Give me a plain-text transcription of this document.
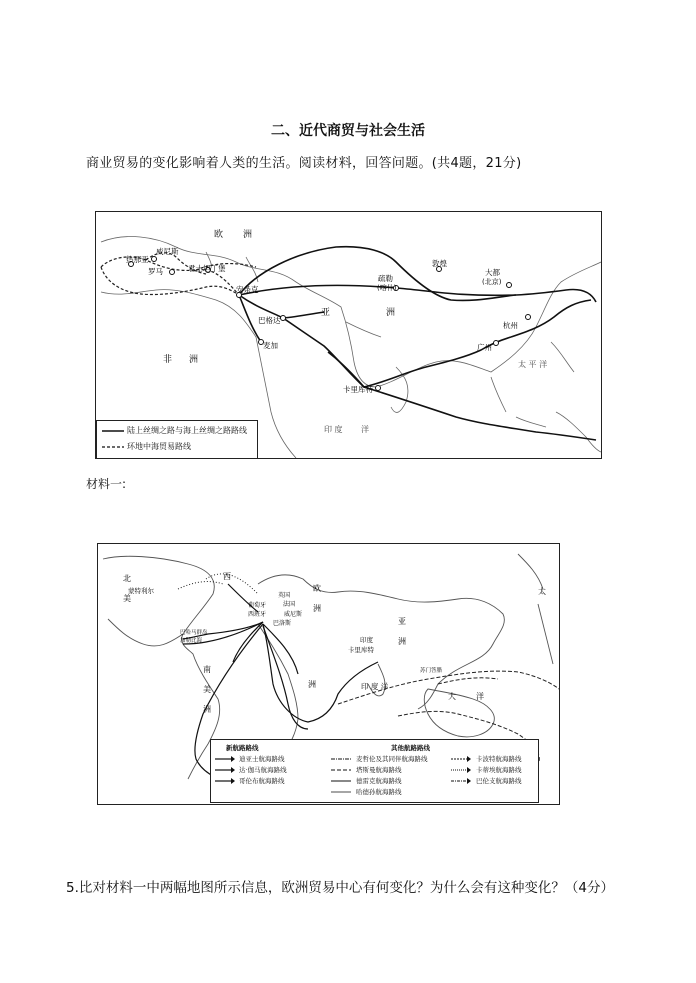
二、近代商贸与社会生活
商业贸易的变化影响着人类的生活。阅读材料，回答问题。(共4题，21分)
欧 洲
亚	洲
非 洲	太 平 洋
印 度 洋
威尼斯
热那亚
罗马	君士坦丁堡
安条克
巴格达
麦加
疏勒
(喀什)
敦煌
大都
(北京)
杭州
广州
卡里库特
陆上丝绸之路与海上丝绸之路路线
环地中海贸易路线
材料一:
北
美
南
美
洲
欧
洲
洲
亚
洲
印 度 洋
大	洋
太
西
蒙特利尔
葡萄牙
西班牙
法国
英国
威尼斯
巴洛斯
卡里库特
印度
苏门答腊
巴哈马群岛
加勒比海
新航路路线	其他航路路线
迪亚士航海路线
达·伽马航海路线
哥伦布航海路线
麦哲伦及其同伴航海路线
塔斯曼航海路线
德雷克航海路线
哈德孙航海路线
卡波特航海路线
卡蒂埃航海路线
巴伦支航海路线
5.比对材料一中两幅地图所示信息，欧洲贸易中心有何变化？为什么会有这种变化？（4分）
